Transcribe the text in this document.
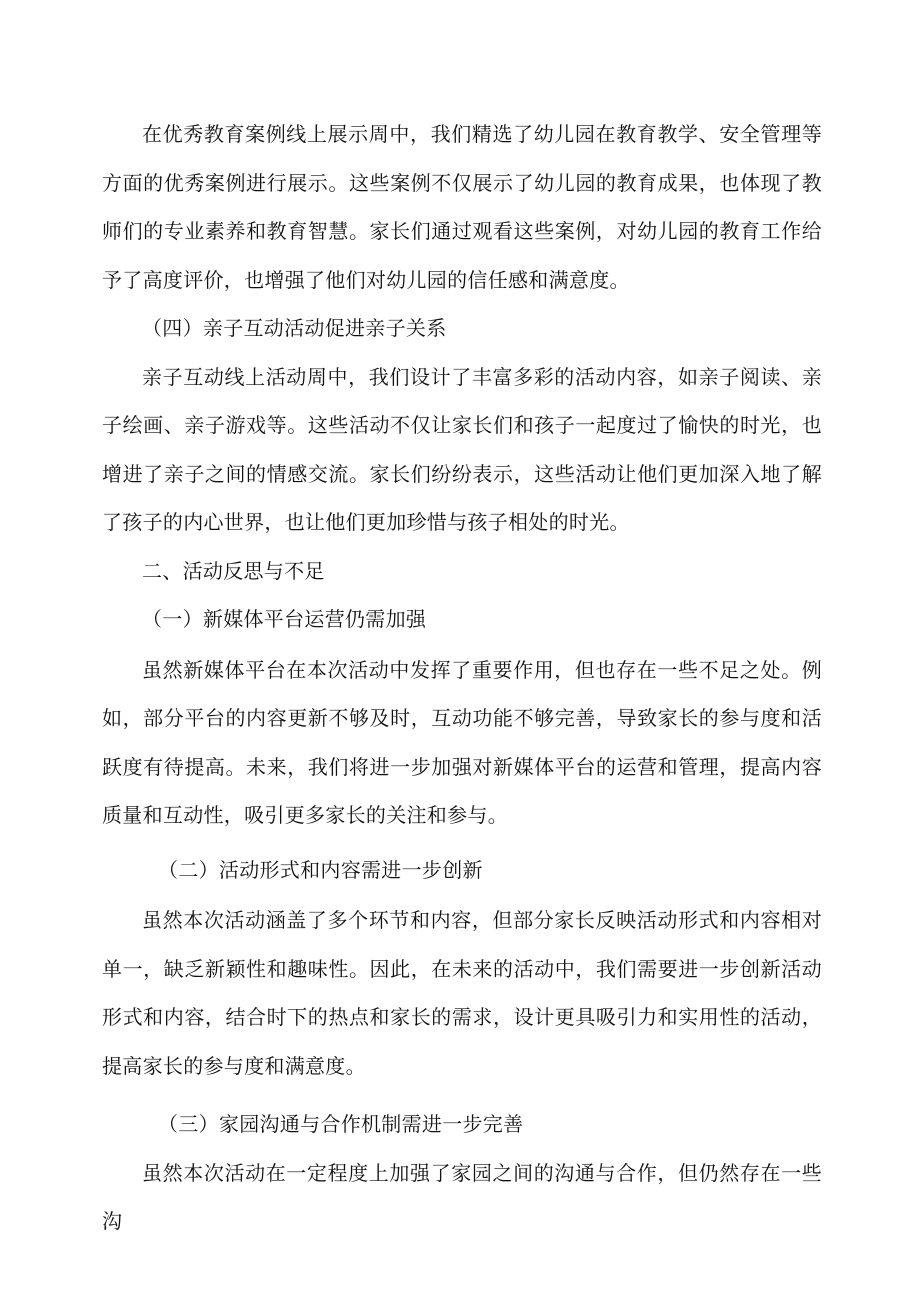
在优秀教育案例线上展示周中，我们精选了幼儿园在教育教学、安全管理等方面的优秀案例进行展示。这些案例不仅展示了幼儿园的教育成果，也体现了教师们的专业素养和教育智慧。家长们通过观看这些案例，对幼儿园的教育工作给予了高度评价，也增强了他们对幼儿园的信任感和满意度。

（四）亲子互动活动促进亲子关系

亲子互动线上活动周中，我们设计了丰富多彩的活动内容，如亲子阅读、亲子绘画、亲子游戏等。这些活动不仅让家长们和孩子一起度过了愉快的时光，也增进了亲子之间的情感交流。家长们纷纷表示，这些活动让他们更加深入地了解了孩子的内心世界，也让他们更加珍惜与孩子相处的时光。

二、活动反思与不足

（一）新媒体平台运营仍需加强

虽然新媒体平台在本次活动中发挥了重要作用，但也存在一些不足之处。例如，部分平台的内容更新不够及时，互动功能不够完善，导致家长的参与度和活跃度有待提高。未来，我们将进一步加强对新媒体平台的运营和管理，提高内容质量和互动性，吸引更多家长的关注和参与。

（二）活动形式和内容需进一步创新

虽然本次活动涵盖了多个环节和内容，但部分家长反映活动形式和内容相对单一，缺乏新颖性和趣味性。因此，在未来的活动中，我们需要进一步创新活动形式和内容，结合时下的热点和家长的需求，设计更具吸引力和实用性的活动，提高家长的参与度和满意度。

（三）家园沟通与合作机制需进一步完善

虽然本次活动在一定程度上加强了家园之间的沟通与合作，但仍然存在一些沟
